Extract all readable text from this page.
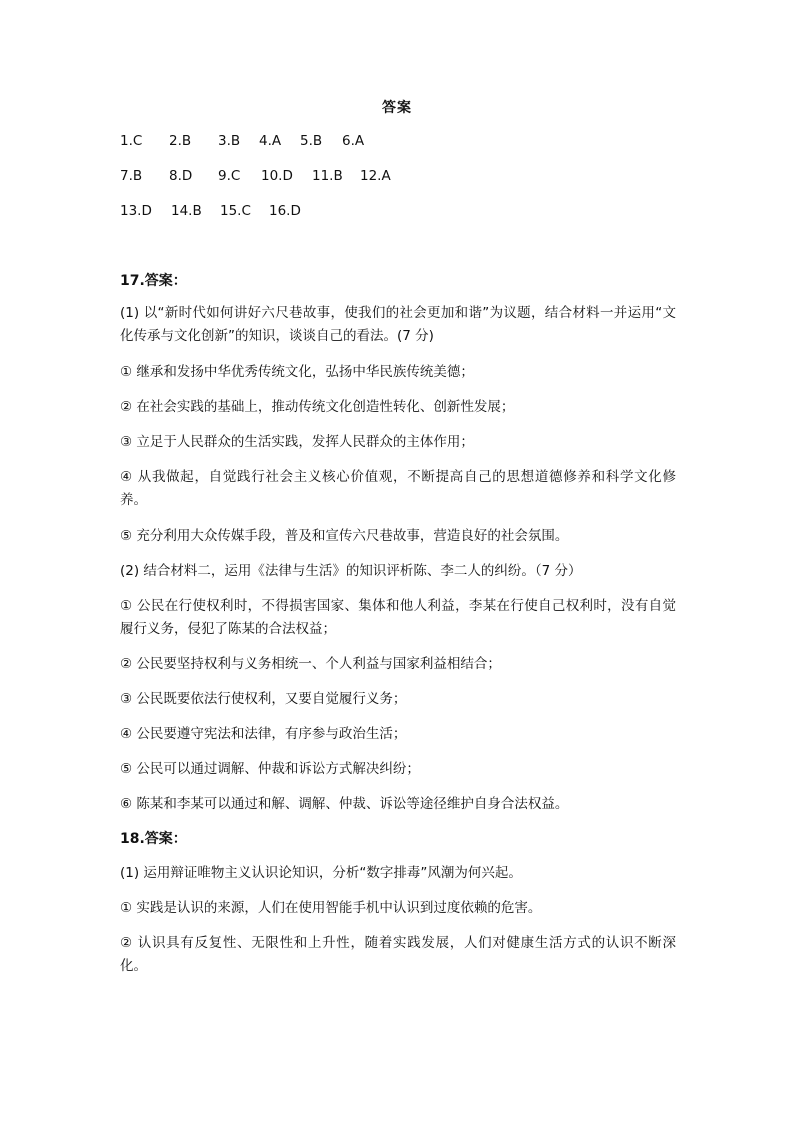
答案
1.C 2.B 3.B 4.A 5.B 6.A
7.B 8.D 9.C 10.D 11.B 12.A
13.D 14.B 15.C 16.D
17.答案：
(1) 以“新时代如何讲好六尺巷故事，使我们的社会更加和谐”为议题，结合材料一并运用“文化传承与文化创新”的知识，谈谈自己的看法。(7 分)
① 继承和发扬中华优秀传统文化，弘扬中华民族传统美德；
② 在社会实践的基础上，推动传统文化创造性转化、创新性发展；
③ 立足于人民群众的生活实践，发挥人民群众的主体作用；
④ 从我做起，自觉践行社会主义核心价值观，不断提高自己的思想道德修养和科学文化修养。
⑤ 充分利用大众传媒手段，普及和宣传六尺巷故事，营造良好的社会氛围。
(2) 结合材料二，运用《法律与生活》的知识评析陈、李二人的纠纷。（7 分）
① 公民在行使权利时，不得损害国家、集体和他人利益，李某在行使自己权利时，没有自觉履行义务，侵犯了陈某的合法权益；
② 公民要坚持权利与义务相统一、个人利益与国家利益相结合；
③ 公民既要依法行使权利，又要自觉履行义务；
④ 公民要遵守宪法和法律，有序参与政治生活；
⑤ 公民可以通过调解、仲裁和诉讼方式解决纠纷；
⑥ 陈某和李某可以通过和解、调解、仲裁、诉讼等途径维护自身合法权益。
18.答案：
(1) 运用辩证唯物主义认识论知识，分析“数字排毒”风潮为何兴起。
① 实践是认识的来源，人们在使用智能手机中认识到过度依赖的危害。
② 认识具有反复性、无限性和上升性，随着实践发展，人们对健康生活方式的认识不断深化。
